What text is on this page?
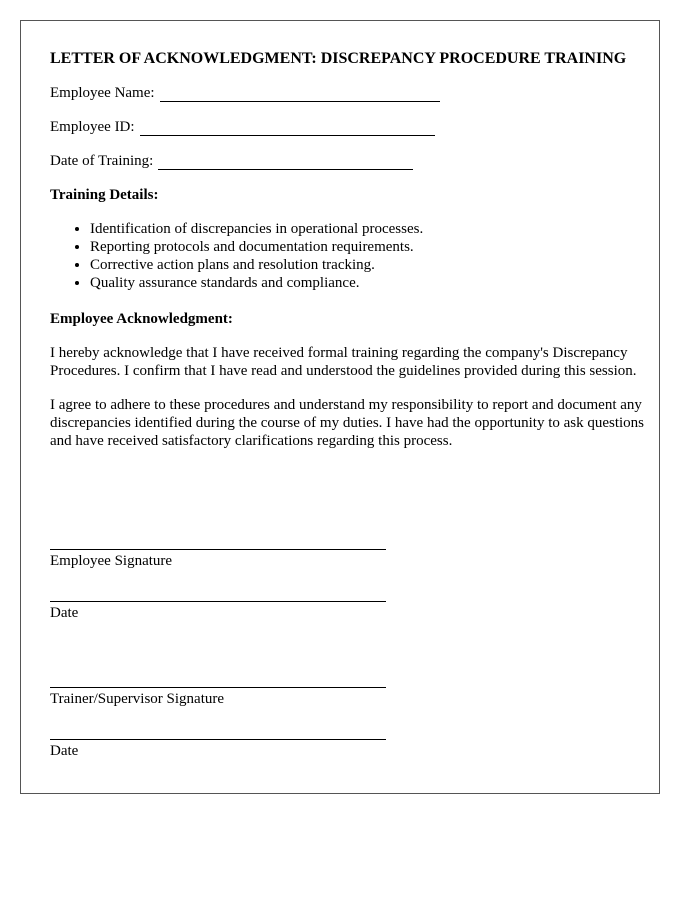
LETTER OF ACKNOWLEDGMENT: DISCREPANCY PROCEDURE TRAINING
Employee Name:
Employee ID:
Date of Training:
Training Details:
• Identification of discrepancies in operational processes.
• Reporting protocols and documentation requirements.
• Corrective action plans and resolution tracking.
• Quality assurance standards and compliance.
Employee Acknowledgment:

I hereby acknowledge that I have received formal training regarding the company's Discrepancy Procedures. I confirm that I have read and understood the guidelines provided during this session.

I agree to adhere to these procedures and understand my responsibility to report and document any discrepancies identified during the course of my duties. I have had the opportunity to ask questions and have received satisfactory clarifications regarding this process.

Employee Signature
Date
Trainer/Supervisor Signature
Date
